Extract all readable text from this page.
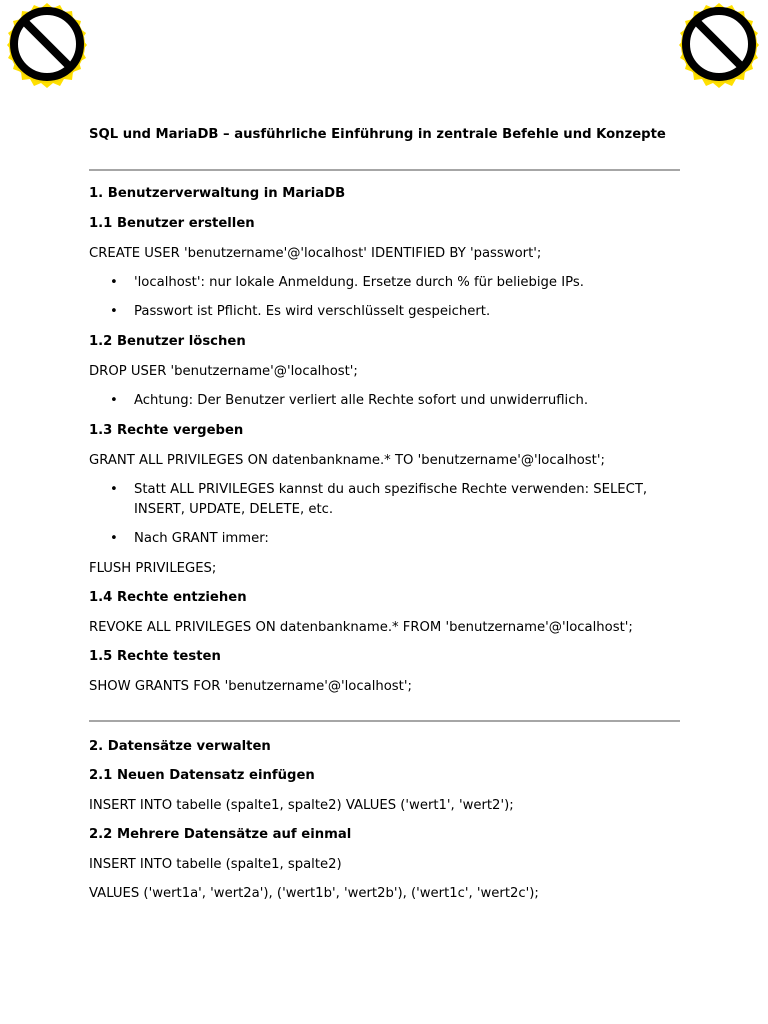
SQL und MariaDB – ausführliche Einführung in zentrale Befehle und Konzepte
1. Benutzerverwaltung in MariaDB
1.1 Benutzer erstellen
CREATE USER 'benutzername'@'localhost' IDENTIFIED BY 'passwort';
• 'localhost': nur lokale Anmeldung. Ersetze durch % für beliebige IPs.
• Passwort ist Pflicht. Es wird verschlüsselt gespeichert.
1.2 Benutzer löschen
DROP USER 'benutzername'@'localhost';
• Achtung: Der Benutzer verliert alle Rechte sofort und unwiderruflich.
1.3 Rechte vergeben
GRANT ALL PRIVILEGES ON datenbankname.* TO 'benutzername'@'localhost';
• Statt ALL PRIVILEGES kannst du auch spezifische Rechte verwenden: SELECT, INSERT, UPDATE, DELETE, etc.
• Nach GRANT immer:
FLUSH PRIVILEGES;
1.4 Rechte entziehen
REVOKE ALL PRIVILEGES ON datenbankname.* FROM 'benutzername'@'localhost';
1.5 Rechte testen
SHOW GRANTS FOR 'benutzername'@'localhost';
2. Datensätze verwalten
2.1 Neuen Datensatz einfügen
INSERT INTO tabelle (spalte1, spalte2) VALUES ('wert1', 'wert2');
2.2 Mehrere Datensätze auf einmal
INSERT INTO tabelle (spalte1, spalte2)
VALUES ('wert1a', 'wert2a'), ('wert1b', 'wert2b'), ('wert1c', 'wert2c');
